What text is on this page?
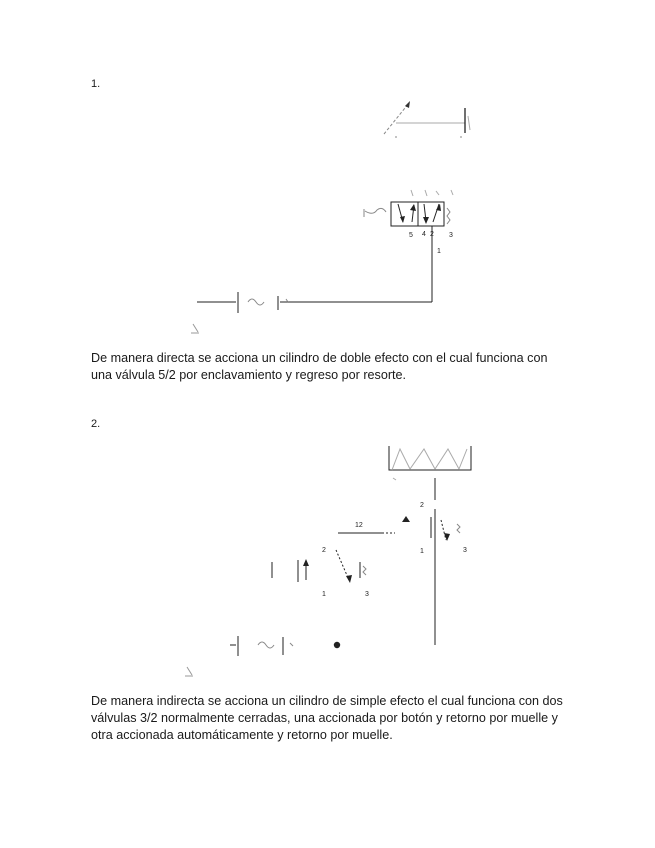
1.
De manera directa se acciona un cilindro de doble efecto con el cual funciona con una válvula 5/2 por enclavamiento y regreso por resorte.
2.
De manera indirecta se acciona un cilindro de simple efecto el cual funciona con dos válvulas 3/2 normalmente cerradas, una accionada por botón y retorno por muelle y otra accionada automáticamente y retorno por muelle.
5 4 2 3
1
12
2
1	3
2
1	3
